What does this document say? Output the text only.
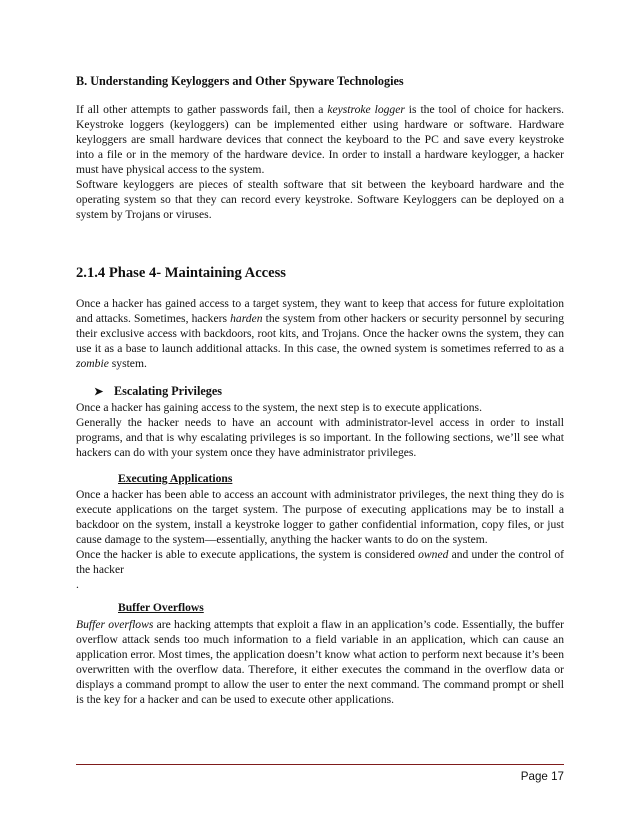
B. Understanding Keyloggers and Other Spyware Technologies

If all other attempts to gather passwords fail, then a keystroke logger is the tool of choice for hackers. Keystroke loggers (keyloggers) can be implemented either using hardware or software. Hardware keyloggers are small hardware devices that connect the keyboard to the PC and save every keystroke into a file or in the memory of the hardware device. In order to install a hardware keylogger, a hacker must have physical access to the system.

Software keyloggers are pieces of stealth software that sit between the keyboard hardware and the operating system so that they can record every keystroke. Software Keyloggers can be deployed on a system by Trojans or viruses.

2.1.4 Phase 4- Maintaining Access

Once a hacker has gained access to a target system, they want to keep that access for future exploitation and attacks. Sometimes, hackers harden the system from other hackers or security personnel by securing their exclusive access with backdoors, root kits, and Trojans. Once the hacker owns the system, they can use it as a base to launch additional attacks. In this case, the owned system is sometimes referred to as a zombie system.

➤ Escalating Privileges

Once a hacker has gaining access to the system, the next step is to execute applications.

Generally the hacker needs to have an account with administrator-level access in order to install programs, and that is why escalating privileges is so important. In the following sections, we’ll see what hackers can do with your system once they have administrator privileges.

Executing Applications

Once a hacker has been able to access an account with administrator privileges, the next thing they do is execute applications on the target system. The purpose of executing applications may be to install a backdoor on the system, install a keystroke logger to gather confidential information, copy files, or just cause damage to the system—essentially, anything the hacker wants to do on the system.

Once the hacker is able to execute applications, the system is considered owned and under the control of the hacker

.

Buffer Overflows

Buffer overflows are hacking attempts that exploit a flaw in an application’s code. Essentially, the buffer overflow attack sends too much information to a field variable in an application, which can cause an application error. Most times, the application doesn’t know what action to perform next because it’s been overwritten with the overflow data. Therefore, it either executes the command in the overflow data or displays a command prompt to allow the user to enter the next command. The command prompt or shell is the key for a hacker and can be used to execute other applications.

Page 17
